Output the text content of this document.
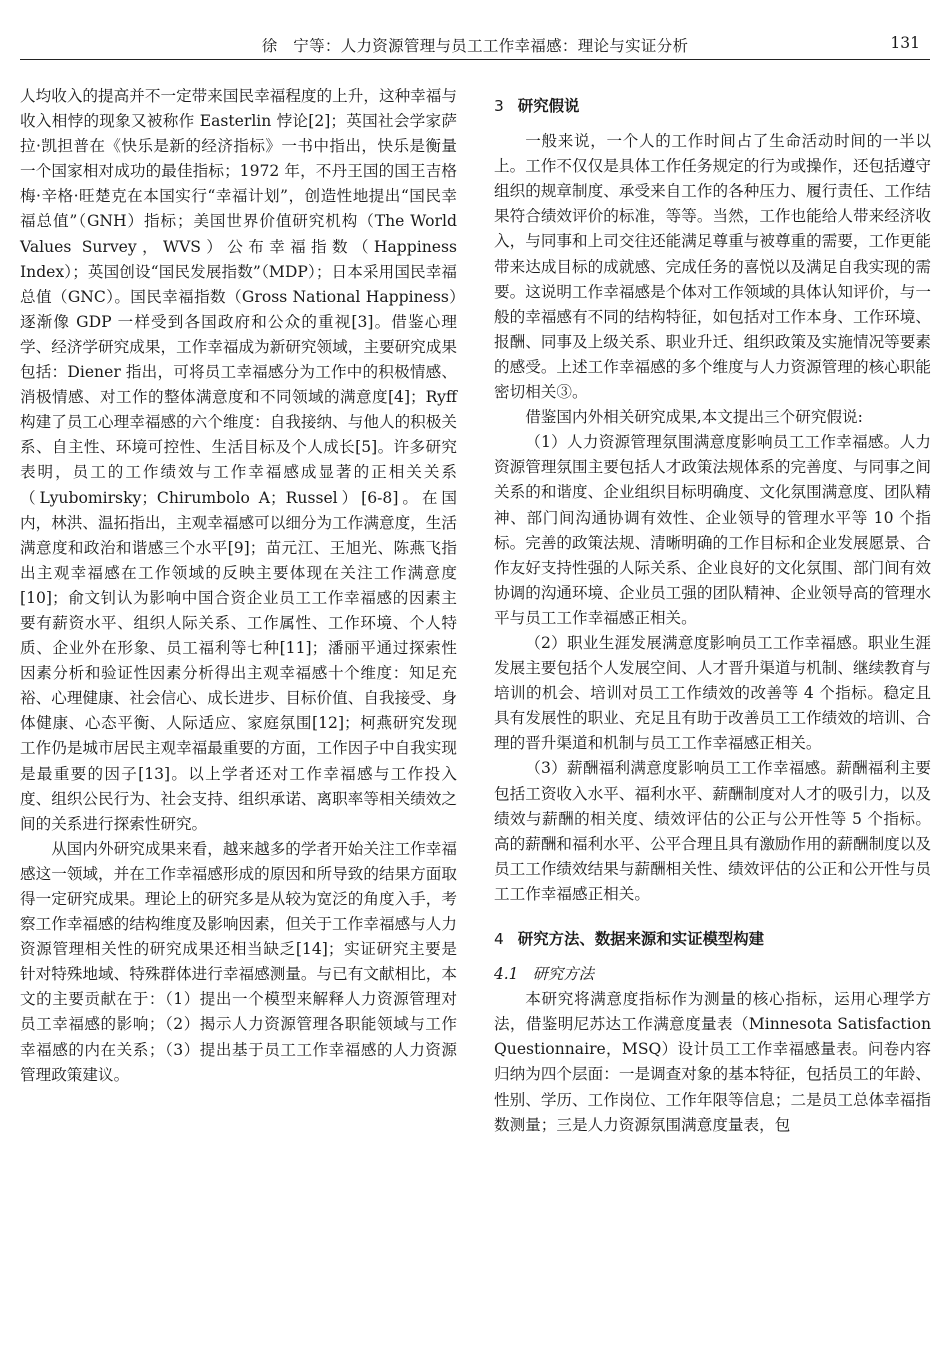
徐　宁等：人力资源管理与员工工作幸福感：理论与实证分析	131

人均收入的提高并不一定带来国民幸福程度的上升，这种幸福与收入相悖的现象又被称作 Easterlin 悖论[2]；英国社会学家萨拉·凯担普在《快乐是新的经济指标》一书中指出，快乐是衡量一个国家相对成功的最佳指标；1972 年，不丹王国的国王吉格梅·辛格·旺楚克在本国实行“幸福计划”，创造性地提出“国民幸福总值”（GNH）指标；美国世界价值研究机构（The World Values Survey，WVS）公布幸福指数（Happiness Index）；英国创设“国民发展指数”（MDP）；日本采用国民幸福总值（GNC）。国民幸福指数（Gross National Happiness）逐渐像 GDP 一样受到各国政府和公众的重视[3]。借鉴心理学、经济学研究成果，工作幸福成为新研究领域，主要研究成果包括：Diener 指出，可将员工幸福感分为工作中的积极情感、消极情感、对工作的整体满意度和不同领域的满意度[4]；Ryff 构建了员工心理幸福感的六个维度：自我接纳、与他人的积极关系、自主性、环境可控性、生活目标及个人成长[5]。许多研究表明，员工的工作绩效与工作幸福感成显著的正相关关系（Lyubomirsky；Chirumbolo A；Russel）[6-8]。在国内，林洪、温拓指出，主观幸福感可以细分为工作满意度，生活满意度和政治和谐感三个水平[9]；苗元江、王旭光、陈燕飞指出主观幸福感在工作领域的反映主要体现在关注工作满意度[10]；俞文钊认为影响中国合资企业员工工作幸福感的因素主要有薪资水平、组织人际关系、工作属性、工作环境、个人特质、企业外在形象、员工福利等七种[11]；潘丽平通过探索性因素分析和验证性因素分析得出主观幸福感十个维度：知足充裕、心理健康、社会信心、成长进步、目标价值、自我接受、身体健康、心态平衡、人际适应、家庭氛围[12]；柯燕研究发现工作仍是城市居民主观幸福最重要的方面，工作因子中自我实现是最重要的因子[13]。以上学者还对工作幸福感与工作投入度、组织公民行为、社会支持、组织承诺、离职率等相关绩效之间的关系进行探索性研究。

从国内外研究成果来看，越来越多的学者开始关注工作幸福感这一领域，并在工作幸福感形成的原因和所导致的结果方面取得一定研究成果。理论上的研究多是从较为宽泛的角度入手，考察工作幸福感的结构维度及影响因素，但关于工作幸福感与人力资源管理相关性的研究成果还相当缺乏[14]；实证研究主要是针对特殊地域、特殊群体进行幸福感测量。与已有文献相比，本文的主要贡献在于：（1）提出一个模型来解释人力资源管理对员工幸福感的影响；（2）揭示人力资源管理各职能领域与工作幸福感的内在关系；（3）提出基于员工工作幸福感的人力资源管理政策建议。

3 研究假说

一般来说，一个人的工作时间占了生命活动时间的一半以上。工作不仅仅是具体工作任务规定的行为或操作，还包括遵守组织的规章制度、承受来自工作的各种压力、履行责任、工作结果符合绩效评价的标准，等等。当然，工作也能给人带来经济收入，与同事和上司交往还能满足尊重与被尊重的需要，工作更能带来达成目标的成就感、完成任务的喜悦以及满足自我实现的需要。这说明工作幸福感是个体对工作领域的具体认知评价，与一般的幸福感有不同的结构特征，如包括对工作本身、工作环境、报酬、同事及上级关系、职业升迁、组织政策及实施情况等要素的感受。上述工作幸福感的多个维度与人力资源管理的核心职能密切相关③。

借鉴国内外相关研究成果,本文提出三个研究假说:

（1）人力资源管理氛围满意度影响员工工作幸福感。人力资源管理氛围主要包括人才政策法规体系的完善度、与同事之间关系的和谐度、企业组织目标明确度、文化氛围满意度、团队精神、部门间沟通协调有效性、企业领导的管理水平等 10 个指标。完善的政策法规、清晰明确的工作目标和企业发展愿景、合作友好支持性强的人际关系、企业良好的文化氛围、部门间有效协调的沟通环境、企业员工强的团队精神、企业领导高的管理水平与员工工作幸福感正相关。

（2）职业生涯发展满意度影响员工工作幸福感。职业生涯发展主要包括个人发展空间、人才晋升渠道与机制、继续教育与培训的机会、培训对员工工作绩效的改善等 4 个指标。稳定且具有发展性的职业、充足且有助于改善员工工作绩效的培训、合理的晋升渠道和机制与员工工作幸福感正相关。

（3）薪酬福利满意度影响员工工作幸福感。薪酬福利主要包括工资收入水平、福利水平、薪酬制度对人才的吸引力，以及绩效与薪酬的相关度、绩效评估的公正与公开性等 5 个指标。高的薪酬和福利水平、公平合理且具有激励作用的薪酬制度以及员工工作绩效结果与薪酬相关性、绩效评估的公正和公开性与员工工作幸福感正相关。

4 研究方法、数据来源和实证模型构建
4.1 研究方法

本研究将满意度指标作为测量的核心指标，运用心理学方法，借鉴明尼苏达工作满意度量表（Minnesota Satisfaction Questionnaire，MSQ）设计员工工作幸福感量表。问卷内容归纳为四个层面：一是调查对象的基本特征，包括员工的年龄、性别、学历、工作岗位、工作年限等信息；二是员工总体幸福指数测量；三是人力资源氛围满意度量表，包
